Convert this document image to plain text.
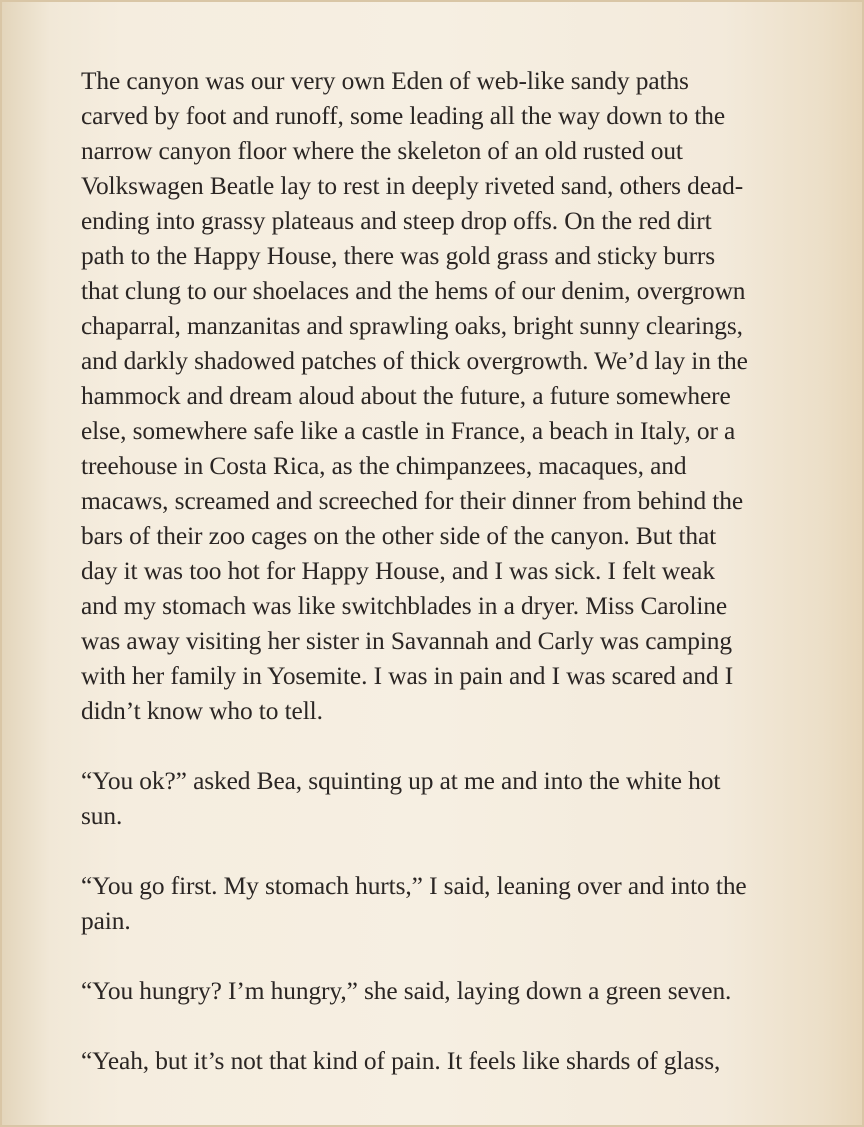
The canyon was our very own Eden of web-like sandy paths
carved by foot and runoff, some leading all the way down to the
narrow canyon floor where the skeleton of an old rusted out
Volkswagen Beatle lay to rest in deeply riveted sand, others dead-
ending into grassy plateaus and steep drop offs. On the red dirt
path to the Happy House, there was gold grass and sticky burrs
that clung to our shoelaces and the hems of our denim, overgrown
chaparral, manzanitas and sprawling oaks, bright sunny clearings,
and darkly shadowed patches of thick overgrowth. We’d lay in the
hammock and dream aloud about the future, a future somewhere
else, somewhere safe like a castle in France, a beach in Italy, or a
treehouse in Costa Rica, as the chimpanzees, macaques, and
macaws, screamed and screeched for their dinner from behind the
bars of their zoo cages on the other side of the canyon. But that
day it was too hot for Happy House, and I was sick. I felt weak
and my stomach was like switchblades in a dryer. Miss Caroline
was away visiting her sister in Savannah and Carly was camping
with her family in Yosemite. I was in pain and I was scared and I
didn’t know who to tell.

“You ok?” asked Bea, squinting up at me and into the white hot
sun.

“You go first. My stomach hurts,” I said, leaning over and into the
pain.

“You hungry? I’m hungry,” she said, laying down a green seven.

“Yeah, but it’s not that kind of pain. It feels like shards of glass,
